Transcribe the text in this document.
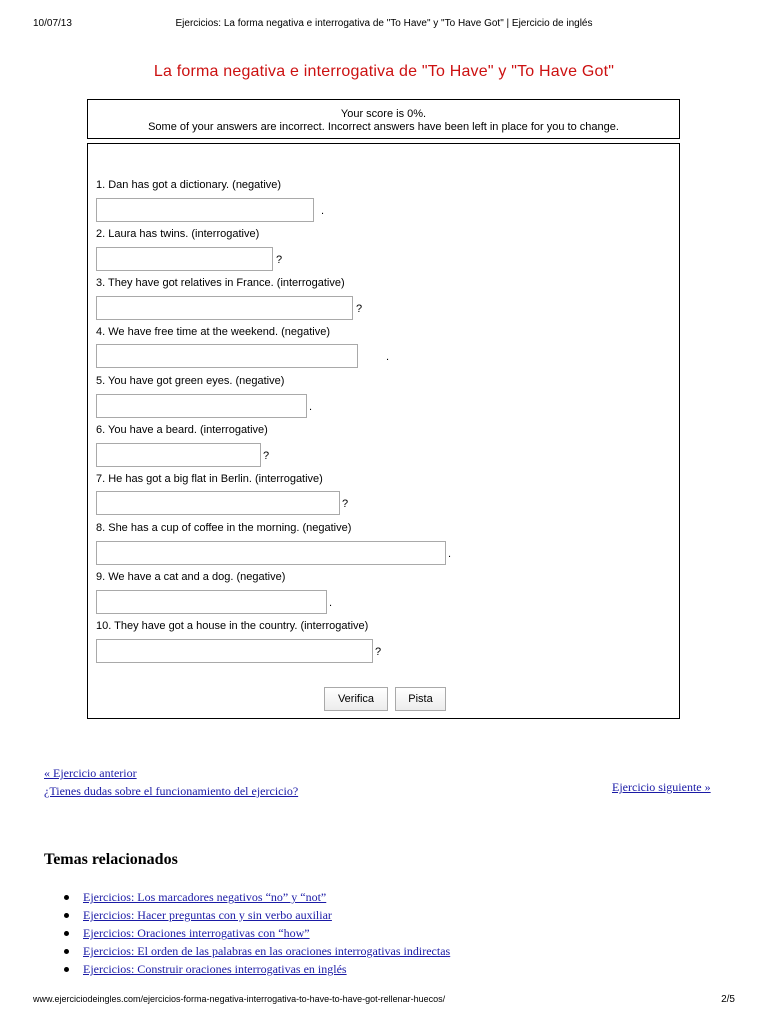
10/07/13	Ejercicios: La forma negativa e interrogativa de "To Have" y "To Have Got" | Ejercicio de inglés
La forma negativa e interrogativa de "To Have" y "To Have Got"
Your score is 0%.
Some of your answers are incorrect. Incorrect answers have been left in place for you to change.
1. Dan has got a dictionary. (negative)
.
2. Laura has twins. (interrogative)
?
3. They have got relatives in France. (interrogative)
?
4. We have free time at the weekend. (negative)
.
5. You have got green eyes. (negative)
.
6. You have a beard. (interrogative)
?
7. He has got a big flat in Berlin. (interrogative)
?
8. She has a cup of coffee in the morning. (negative)
.
9. We have a cat and a dog. (negative)
.
10. They have got a house in the country. (interrogative)
?
Verifica	Pista
« Ejercicio anterior
¿Tienes dudas sobre el funcionamiento del ejercicio?	Ejercicio siguiente »
Temas relacionados
Ejercicios: Los marcadores negativos “no” y “not”
Ejercicios: Hacer preguntas con y sin verbo auxiliar
Ejercicios: Oraciones interrogativas con “how”
Ejercicios: El orden de las palabras en las oraciones interrogativas indirectas
Ejercicios: Construir oraciones interrogativas en inglés
www.ejerciciodeingles.com/ejercicios-forma-negativa-interrogativa-to-have-to-have-got-rellenar-huecos/	2/5
